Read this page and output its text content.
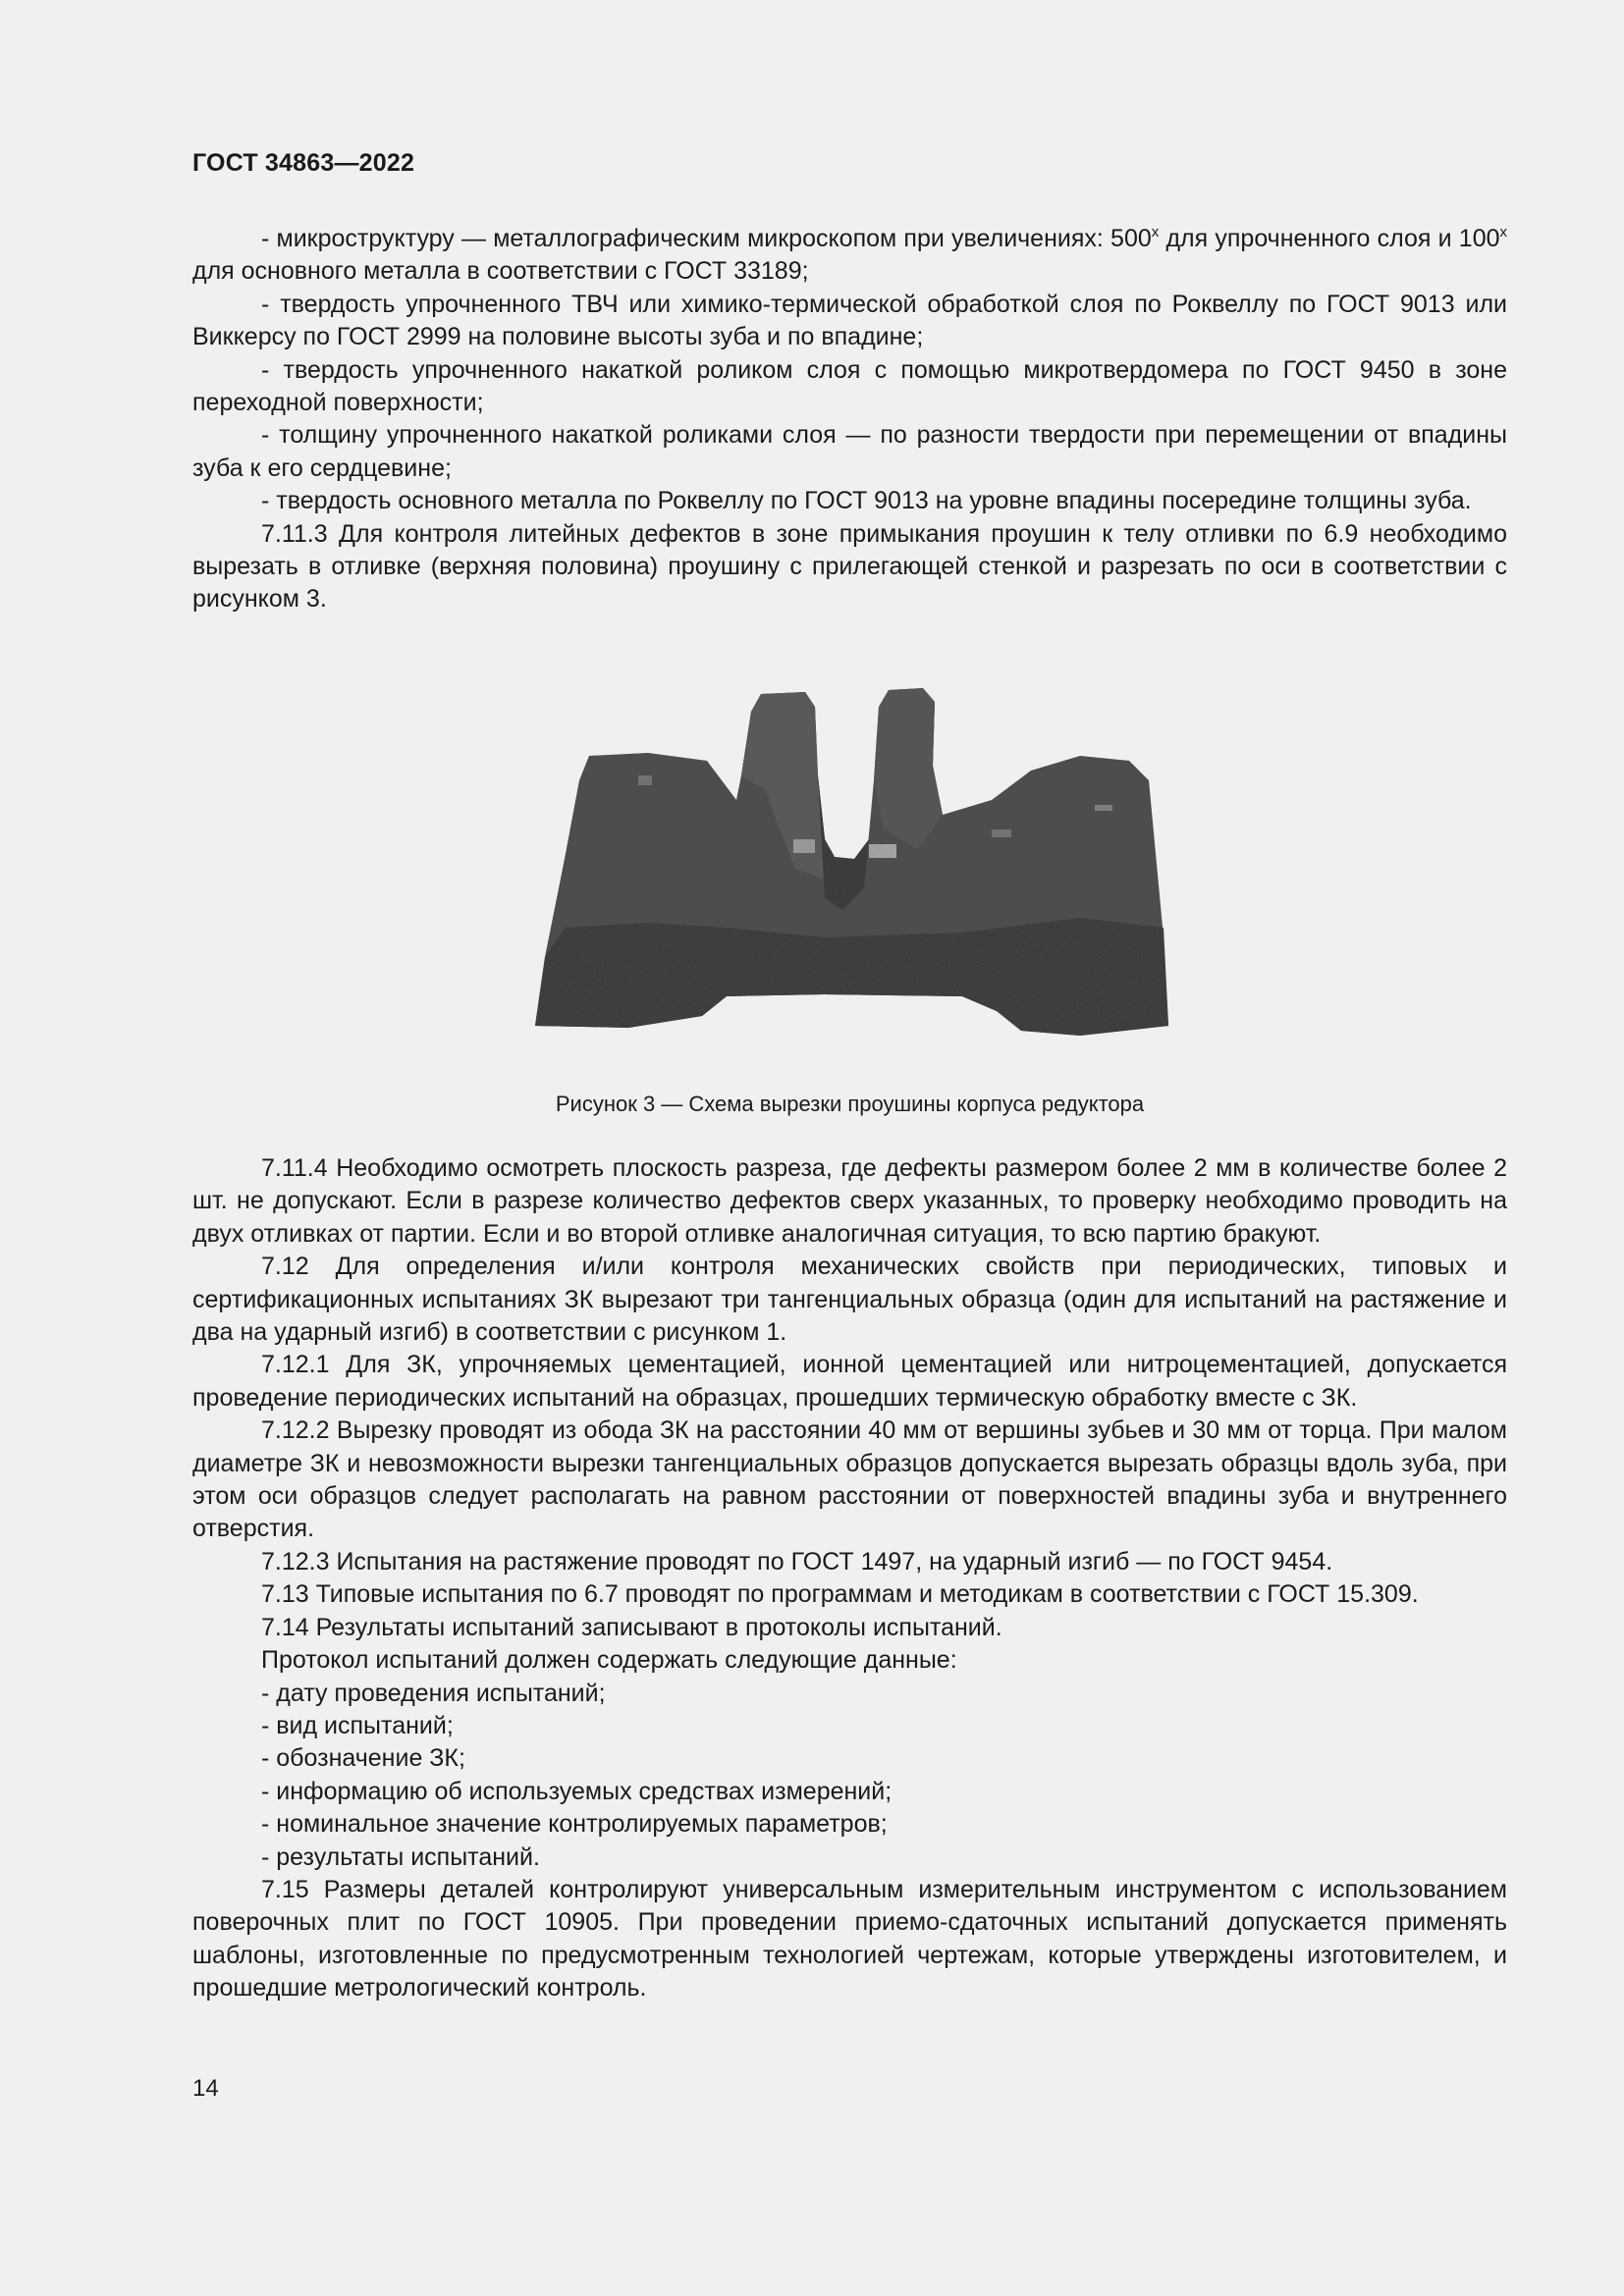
ГОСТ 34863—2022

- микроструктуру — металлографическим микроскопом при увеличениях: $500^х$ для упрочненного слоя и $100^х$ для основного металла в соответствии с ГОСТ 33189;

- твердость упрочненного ТВЧ или химико-термической обработкой слоя по Роквеллу по ГОСТ 9013 или Виккерсу по ГОСТ 2999 на половине высоты зуба и по впадине;

- твердость упрочненного накаткой роликом слоя с помощью микротвердомера по ГОСТ 9450 в зоне переходной поверхности;

- толщину упрочненного накаткой роликами слоя — по разности твердости при перемещении от впадины зуба к его сердцевине;

- твердость основного металла по Роквеллу по ГОСТ 9013 на уровне впадины посередине толщины зуба.

7.11.3 Для контроля литейных дефектов в зоне примыкания проушин к телу отливки по 6.9 необходимо вырезать в отливке (верхняя половина) проушину с прилегающей стенкой и разрезать по оси в соответствии с рисунком 3.

Рисунок 3 — Схема вырезки проушины корпуса редуктора

7.11.4 Необходимо осмотреть плоскость разреза, где дефекты размером более 2 мм в количестве более 2 шт. не допускают. Если в разрезе количество дефектов сверх указанных, то проверку необходимо проводить на двух отливках от партии. Если и во второй отливке аналогичная ситуация, то всю партию бракуют.

7.12 Для определения и/или контроля механических свойств при периодических, типовых и сертификационных испытаниях ЗК вырезают три тангенциальных образца (один для испытаний на растяжение и два на ударный изгиб) в соответствии с рисунком 1.

7.12.1 Для ЗК, упрочняемых цементацией, ионной цементацией или нитроцементацией, допускается проведение периодических испытаний на образцах, прошедших термическую обработку вместе с ЗК.

7.12.2 Вырезку проводят из обода ЗК на расстоянии 40 мм от вершины зубьев и 30 мм от торца. При малом диаметре ЗК и невозможности вырезки тангенциальных образцов допускается вырезать образцы вдоль зуба, при этом оси образцов следует располагать на равном расстоянии от поверхностей впадины зуба и внутреннего отверстия.

7.12.3 Испытания на растяжение проводят по ГОСТ 1497, на ударный изгиб — по ГОСТ 9454.

7.13 Типовые испытания по 6.7 проводят по программам и методикам в соответствии с ГОСТ 15.309.

7.14 Результаты испытаний записывают в протоколы испытаний.

Протокол испытаний должен содержать следующие данные:

- дату проведения испытаний;

- вид испытаний;

- обозначение ЗК;

- информацию об используемых средствах измерений;

- номинальное значение контролируемых параметров;

- результаты испытаний.

7.15 Размеры деталей контролируют универсальным измерительным инструментом с использованием поверочных плит по ГОСТ 10905. При проведении приемо-сдаточных испытаний допускается применять шаблоны, изготовленные по предусмотренным технологией чертежам, которые утверждены изготовителем, и прошедшие метрологический контроль.

14
